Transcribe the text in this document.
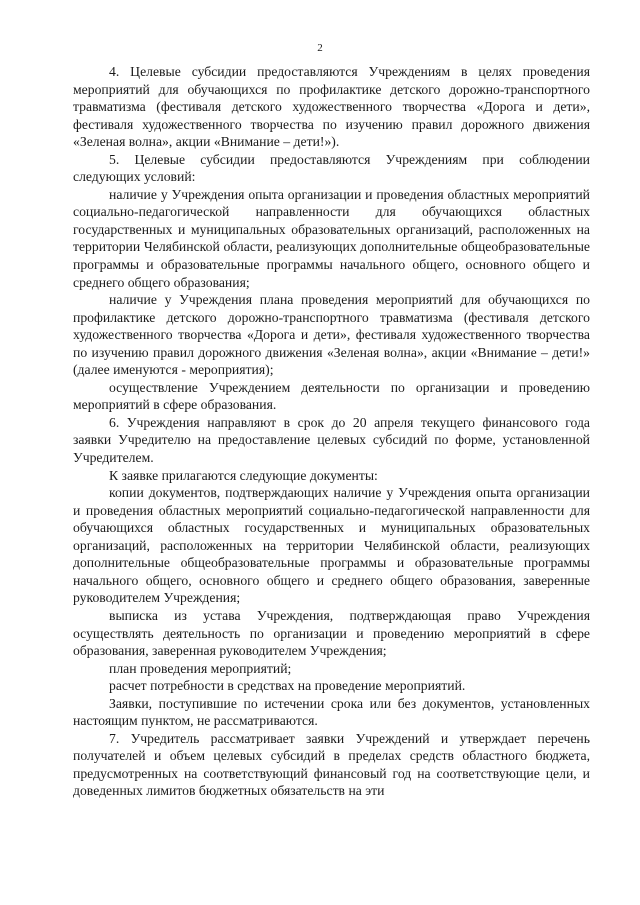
2

4. Целевые субсидии предоставляются Учреждениям в целях проведения мероприятий для обучающихся по профилактике детского дорожно-транспортного травматизма (фестиваля детского художественного творчества «Дорога и дети», фестиваля художественного творчества по изучению правил дорожного движения «Зеленая волна», акции «Внимание – дети!»).

5. Целевые субсидии предоставляются Учреждениям при соблюдении следующих условий:

наличие у Учреждения опыта организации и проведения областных мероприятий социально-педагогической направленности для обучающихся областных государственных и муниципальных образовательных организаций, расположенных на территории Челябинской области, реализующих дополнительные общеобразовательные программы и образовательные программы начального общего, основного общего и среднего общего образования;

наличие у Учреждения плана проведения мероприятий для обучающихся по профилактике детского дорожно-транспортного травматизма (фестиваля детского художественного творчества «Дорога и дети», фестиваля художественного творчества по изучению правил дорожного движения «Зеленая волна», акции «Внимание – дети!» (далее именуются - мероприятия);

осуществление Учреждением деятельности по организации и проведению мероприятий в сфере образования.

6. Учреждения направляют в срок до 20 апреля текущего финансового года заявки Учредителю на предоставление целевых субсидий по форме, установленной Учредителем.

К заявке прилагаются следующие документы:

копии документов, подтверждающих наличие у Учреждения опыта организации и проведения областных мероприятий социально-педагогической направленности для обучающихся областных государственных и муниципальных образовательных организаций, расположенных на территории Челябинской области, реализующих дополнительные общеобразовательные программы и образовательные программы начального общего, основного общего и среднего общего образования, заверенные руководителем Учреждения;

выписка из устава Учреждения, подтверждающая право Учреждения осуществлять деятельность по организации и проведению мероприятий в сфере образования, заверенная руководителем Учреждения;

план проведения мероприятий;

расчет потребности в средствах на проведение мероприятий.

Заявки, поступившие по истечении срока или без документов, установленных настоящим пунктом, не рассматриваются.

7. Учредитель рассматривает заявки Учреждений и утверждает перечень получателей и объем целевых субсидий в пределах средств областного бюджета, предусмотренных на соответствующий финансовый год на соответствующие цели, и доведенных лимитов бюджетных обязательств на эти
